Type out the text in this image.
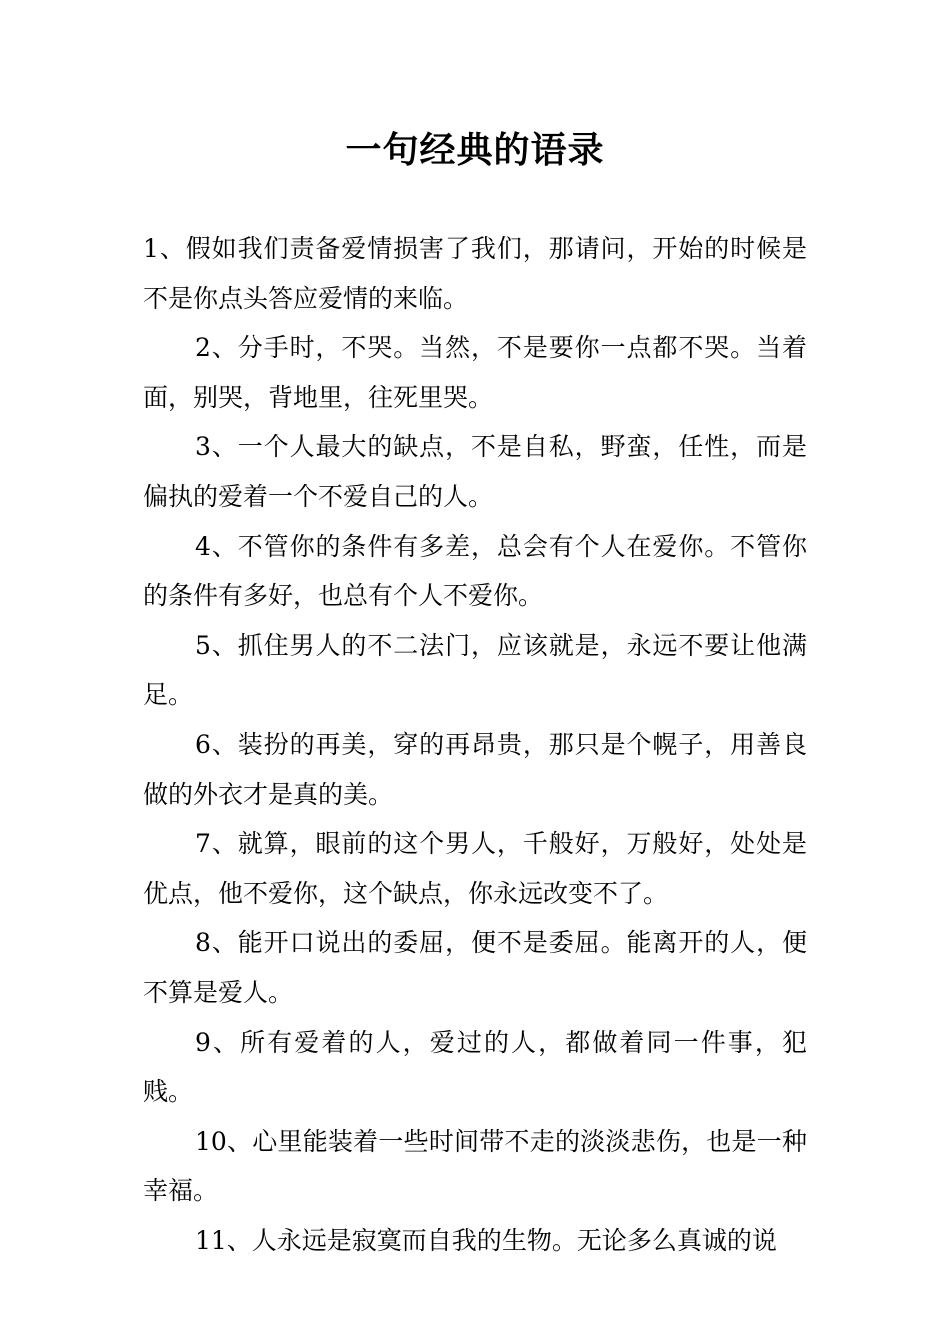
一句经典的语录

1、假如我们责备爱情损害了我们，那请问，开始的时候是不是你点头答应爱情的来临。

2、分手时，不哭。当然，不是要你一点都不哭。当着面，别哭，背地里，往死里哭。

3、一个人最大的缺点，不是自私，野蛮，任性，而是偏执的爱着一个不爱自己的人。

4、不管你的条件有多差，总会有个人在爱你。不管你的条件有多好，也总有个人不爱你。

5、抓住男人的不二法门，应该就是，永远不要让他满足。

6、装扮的再美，穿的再昂贵，那只是个幌子，用善良做的外衣才是真的美。

7、就算，眼前的这个男人，千般好，万般好，处处是优点，他不爱你，这个缺点，你永远改变不了。

8、能开口说出的委屈，便不是委屈。能离开的人，便不算是爱人。

9、所有爱着的人，爱过的人，都做着同一件事，犯贱。

10、心里能装着一些时间带不走的淡淡悲伤，也是一种幸福。

11、人永远是寂寞而自我的生物。无论多么真诚的说
